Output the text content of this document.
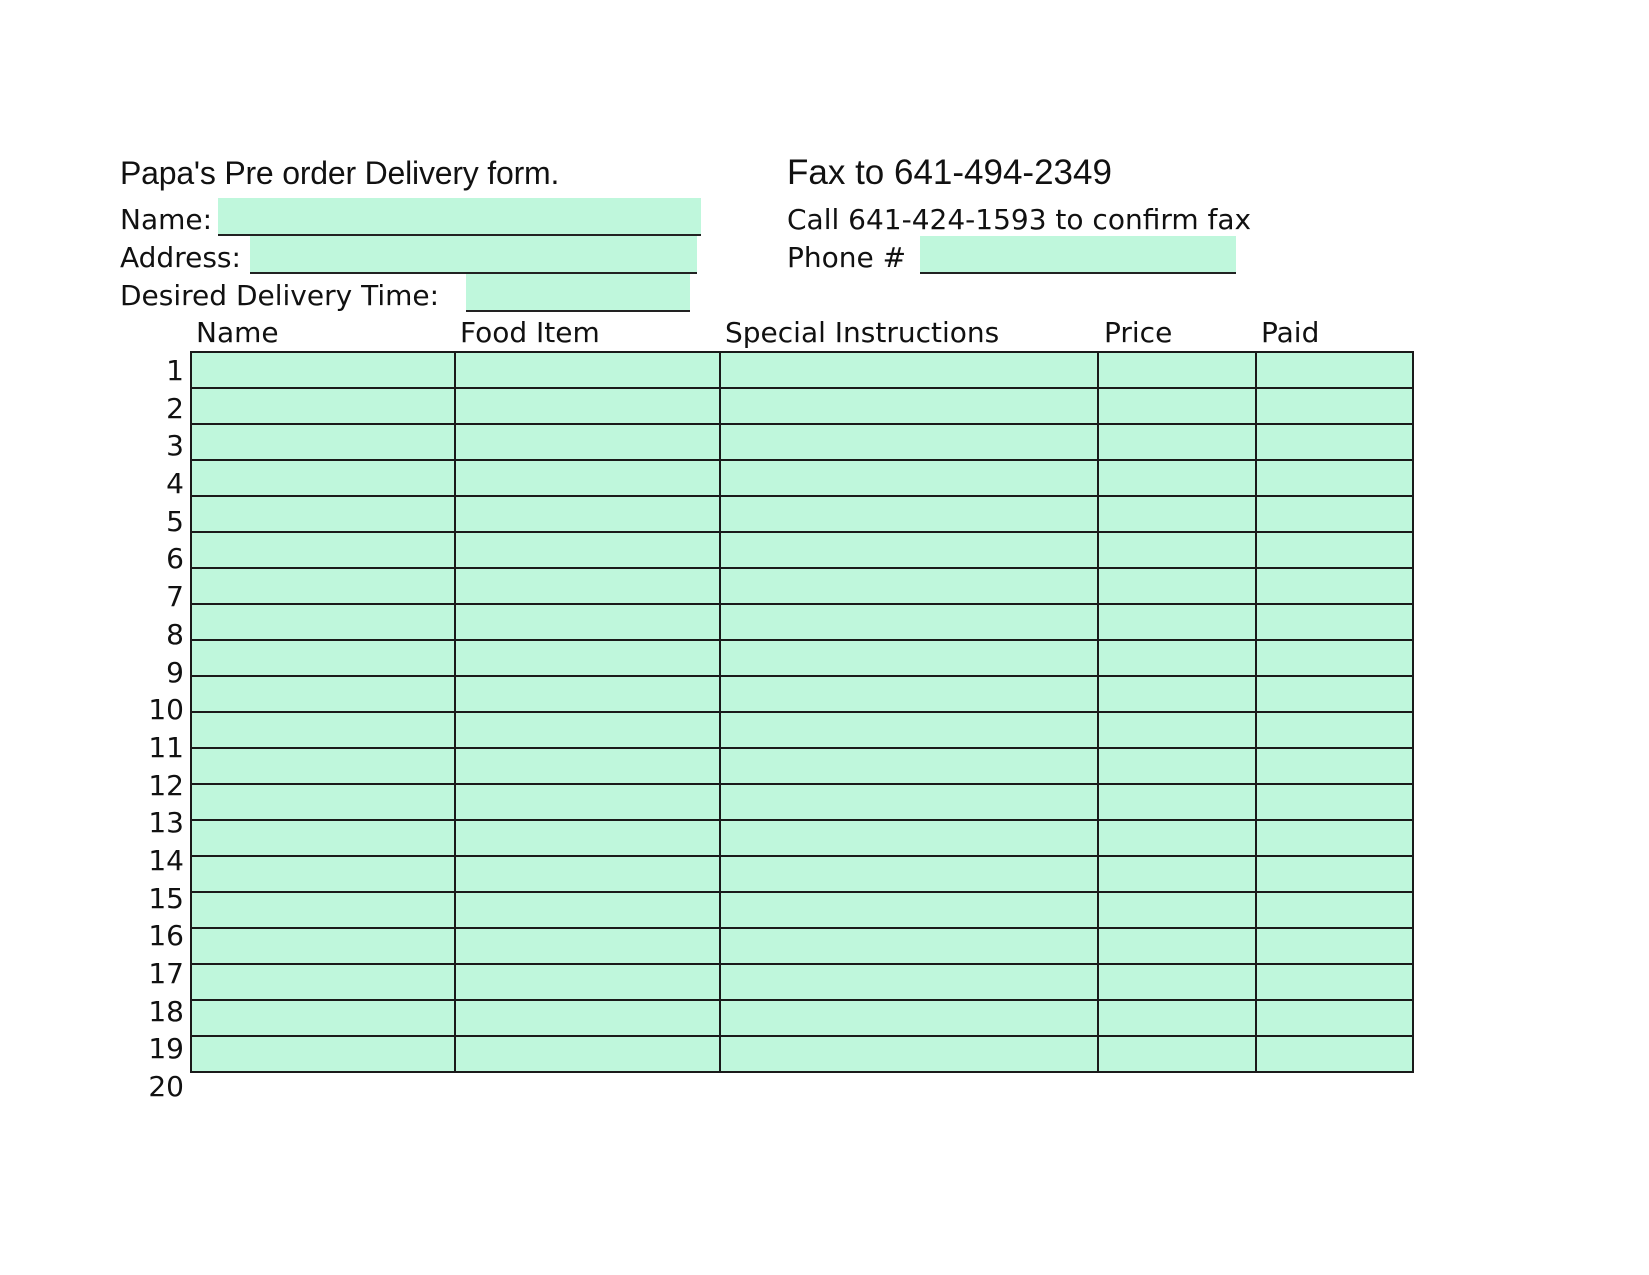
Papa's Pre order Delivery form.	Fax to 641-494-2349
Name:
Address:
Desired Delivery Time:
Call 641-424-1593 to confirm fax
Phone #
Name	Food Item	Special Instructions	Price	Paid
1
2
3
4
5
6
7
8
9
10
11
12
13
14
15
16
17
18
19
20
